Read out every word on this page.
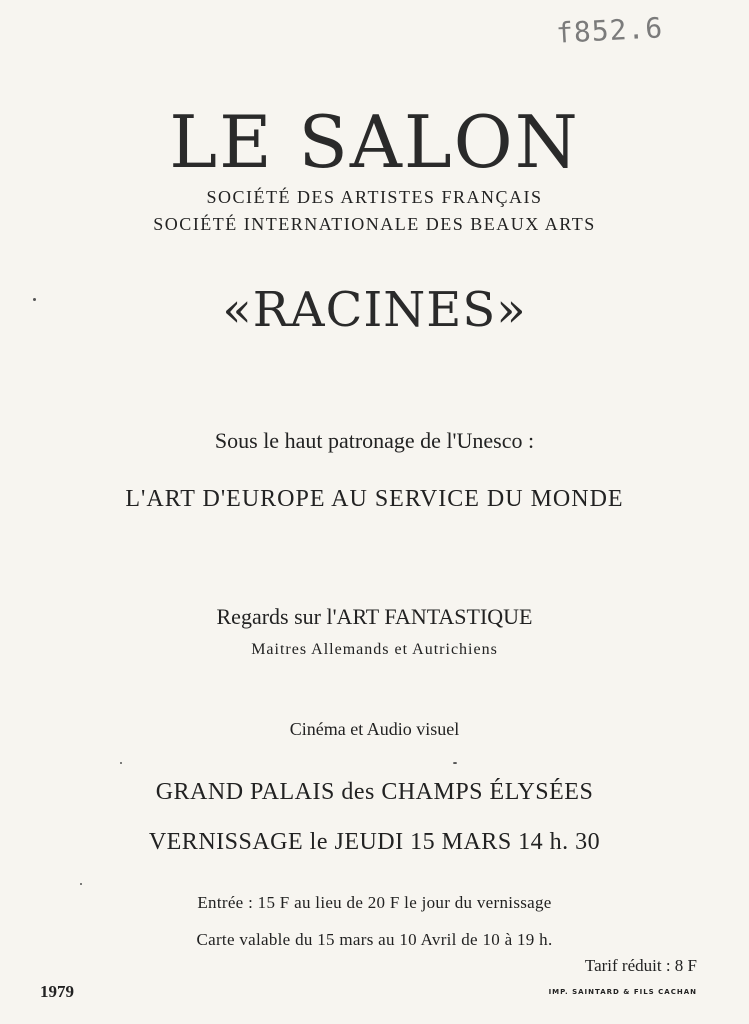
f852.6
LE SALON
SOCIÉTÉ DES ARTISTES FRANÇAIS
SOCIÉTÉ INTERNATIONALE DES BEAUX ARTS
«RACINES»
Sous le haut patronage de l'Unesco :
L'ART D'EUROPE AU SERVICE DU MONDE
Regards sur l'ART FANTASTIQUE
Maitres Allemands et Autrichiens
Cinéma et Audio visuel
GRAND PALAIS des CHAMPS ÉLYSÉES
VERNISSAGE le JEUDI 15 MARS 14 h. 30
Entrée : 15 F au lieu de 20 F le jour du vernissage
Carte valable du 15 mars au 10 Avril de 10 à 19 h.
Tarif réduit : 8 F
1979	IMP. SAINTARD & FILS CACHAN
